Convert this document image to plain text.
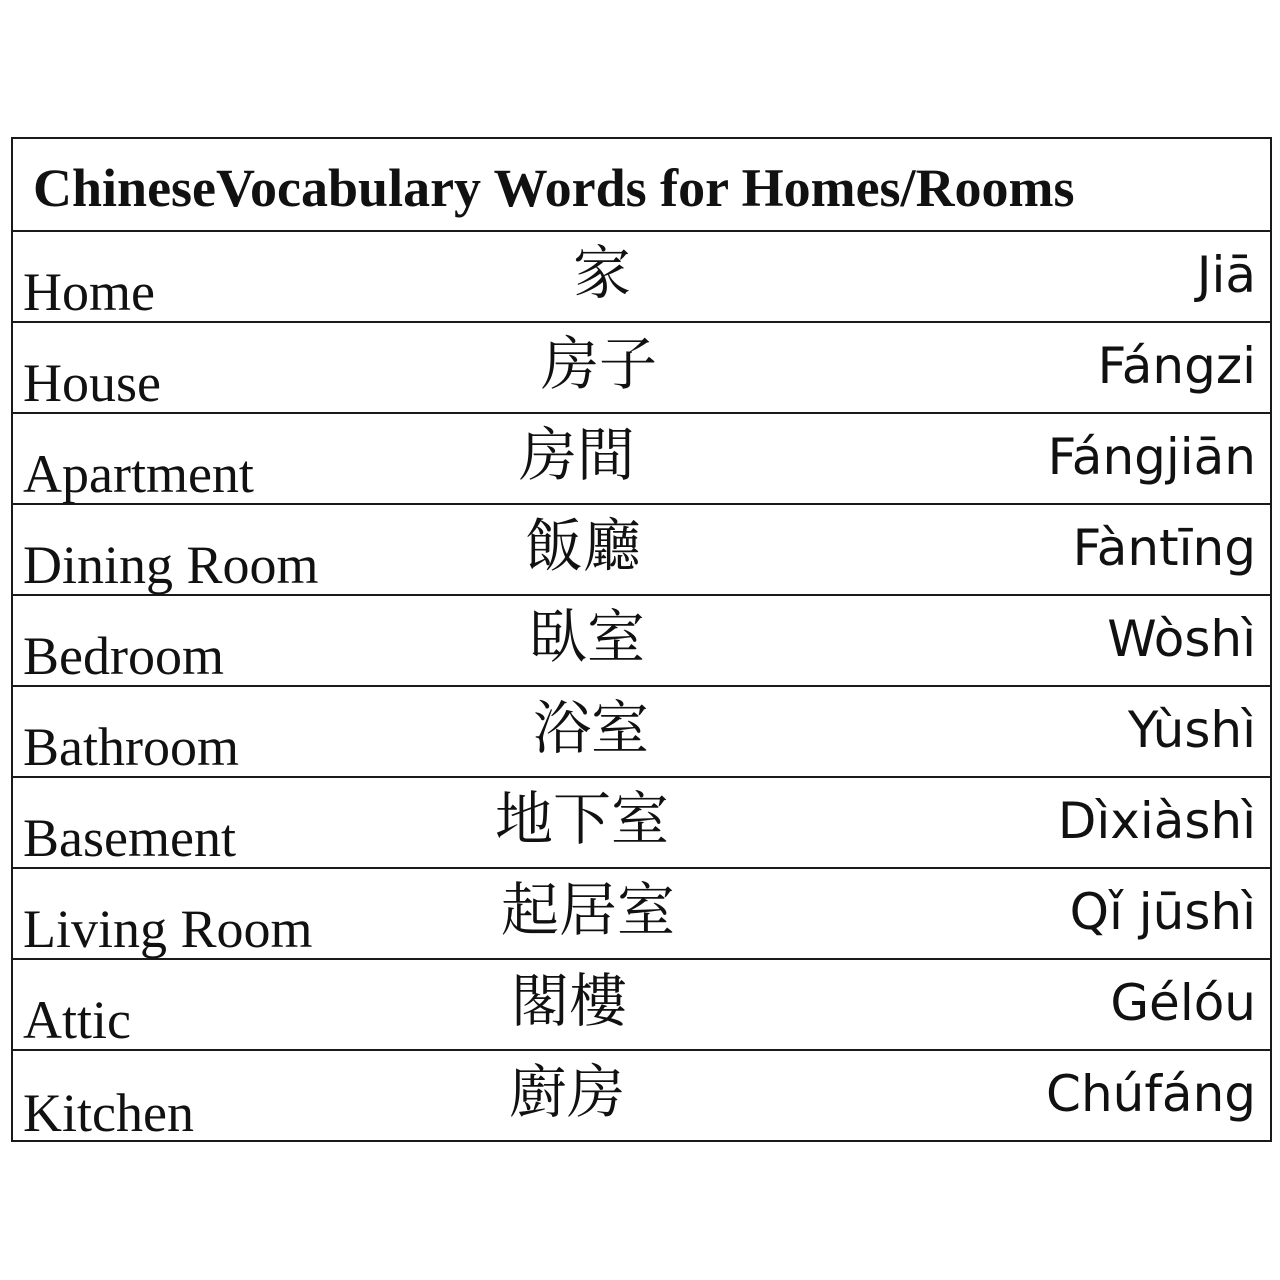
ChineseVocabulary Words for Homes/Rooms
Home	家	Jiā
House	房子	Fángzi
Apartment	房間	Fángjiān
Dining Room	飯廳	Fàntīng
Bedroom	臥室	Wòshì
Bathroom	浴室	Yùshì
Basement	地下室	Dìxiàshì
Living Room	起居室	Qǐ jūshì
Attic	閣樓	Gélóu
Kitchen	廚房	Chúfáng
